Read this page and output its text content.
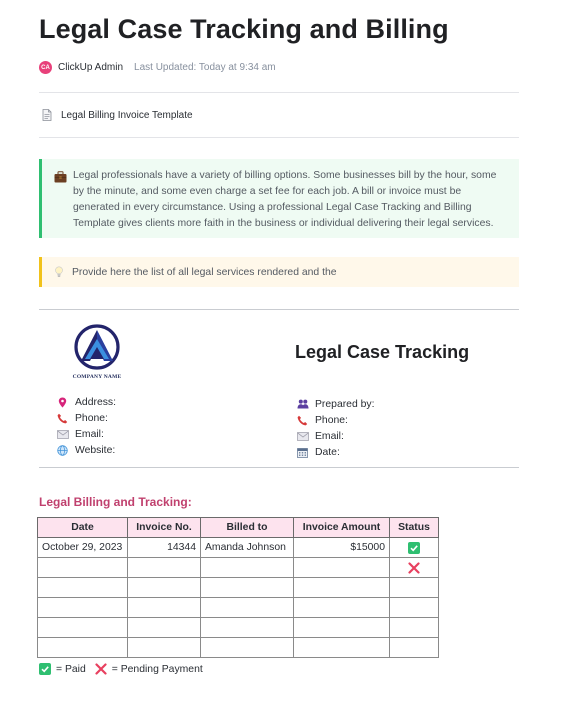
Legal Case Tracking and Billing
CA ClickUp Admin Last Updated: Today at 9:34 am
Legal Billing Invoice Template

Legal professionals have a variety of billing options. Some businesses bill by the hour, some by the minute, and some even charge a set fee for each job. A bill or invoice must be generated in every circumstance. Using a professional Legal Case Tracking and Billing Template gives clients more faith in the business or individual delivering their legal services.

Provide here the list of all legal services rendered and the
COMPANY NAME
Legal Case Tracking
Address:
Phone:
Email:
Website:
Prepared by:
Phone:
Email:
Date:
Legal Billing and Tracking:
Date	Invoice No.	Billed to	Invoice Amount	Status
October 29, 2023	14344	Amanda Johnson	$15000	

= Paid	= Pending Payment
